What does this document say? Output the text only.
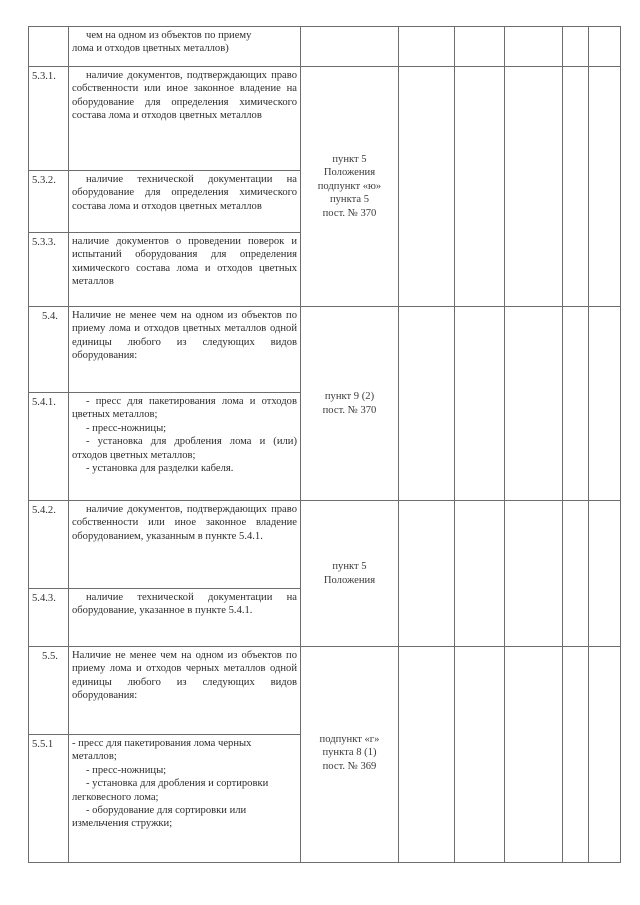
	чем на одном из объектов по приему
лома и отходов цветных металлов)						

5.3.1.	наличие документов, подтверждающих право собственности или иное законное владение на оборудование для определения химического состава лома и отходов цветных металлов	пункт 5
Положения
подпункт «ю»
пункта 5
пост. № 370					

5.3.2.	наличие технической документации на оборудование для определения химического состава лома и отходов цветных металлов						

5.3.3.	наличие документов о проведении поверок и испытаний оборудования для определения химического состава лома и отходов цветных металлов						

5.4.	Наличие не менее чем на одном из объектов по приему лома и отходов цветных металлов одной единицы любого из следующих видов оборудования:	пункт 9 (2)
пост. № 370					

5.4.1.	- пресс для пакетирования лома и отходов цветных металлов;
- пресс-ножницы;
- установка для дробления лома и (или) отходов цветных металлов;
- установка для разделки кабеля.						

5.4.2.	наличие документов, подтверждающих право собственности или иное законное владение оборудованием, указанным в пункте 5.4.1.	пункт 5
Положения					

5.4.3.	наличие технической документации на оборудование, указанное в пункте 5.4.1.						

5.5.	Наличие не менее чем на одном из объектов по приему лома и отходов черных металлов одной единицы любого из следующих видов оборудования:	подпункт «г»
пункта 8 (1)
пост. № 369					

5.5.1	- пресс для пакетирования лома черных металлов;
- пресс-ножницы;
- установка для дробления и сортировки легковесного лома;
- оборудование для сортировки или измельчения стружки;						
